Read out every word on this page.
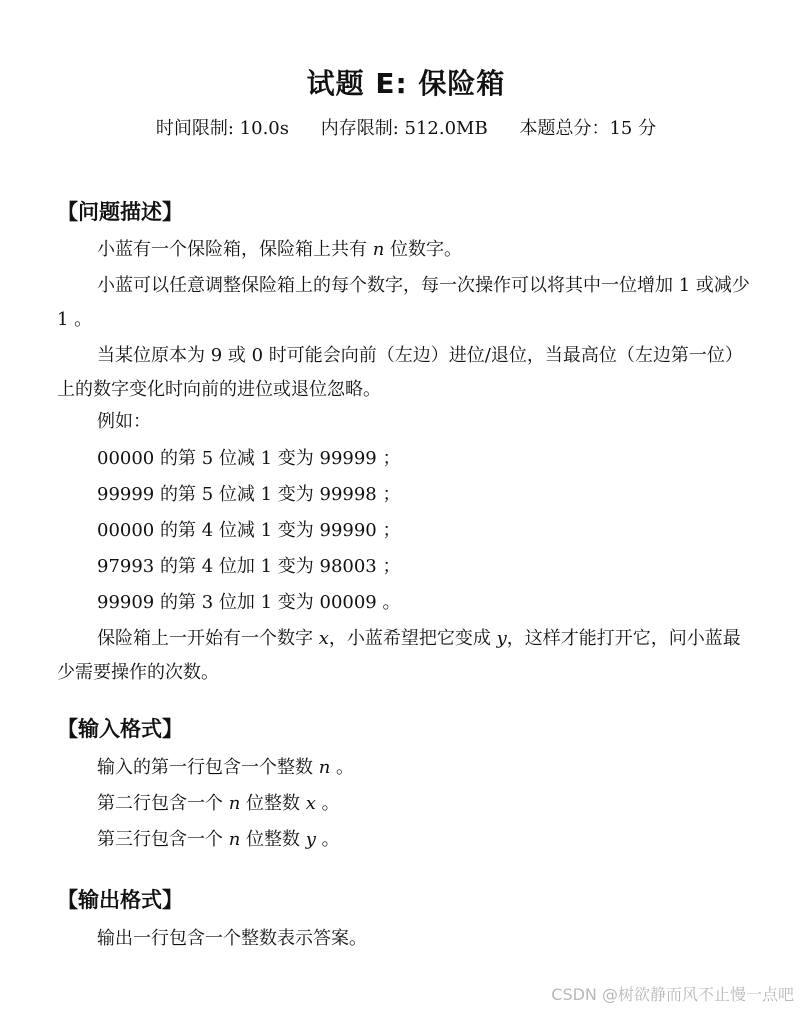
试题 E: 保险箱
时间限制: 10.0s 内存限制: 512.0MB 本题总分：15 分
【问题描述】

小蓝有一个保险箱，保险箱上共有 n 位数字。

小蓝可以任意调整保险箱上的每个数字，每一次操作可以将其中一位增加 1 或减少 1 。

当某位原本为 9 或 0 时可能会向前（左边）进位/退位，当最高位（左边第一位）上的数字变化时向前的进位或退位忽略。

例如：

00000 的第 5 位减 1 变为 99999 ；

99999 的第 5 位减 1 变为 99998 ；

00000 的第 4 位减 1 变为 99990 ；

97993 的第 4 位加 1 变为 98003 ；

99909 的第 3 位加 1 变为 00009 。

保险箱上一开始有一个数字 x，小蓝希望把它变成 y，这样才能打开它，问小蓝最少需要操作的次数。

【输入格式】

输入的第一行包含一个整数 n 。

第二行包含一个 n 位整数 x 。

第三行包含一个 n 位整数 y 。

【输出格式】

输出一行包含一个整数表示答案。

CSDN @树欲静而风不止慢一点吧
